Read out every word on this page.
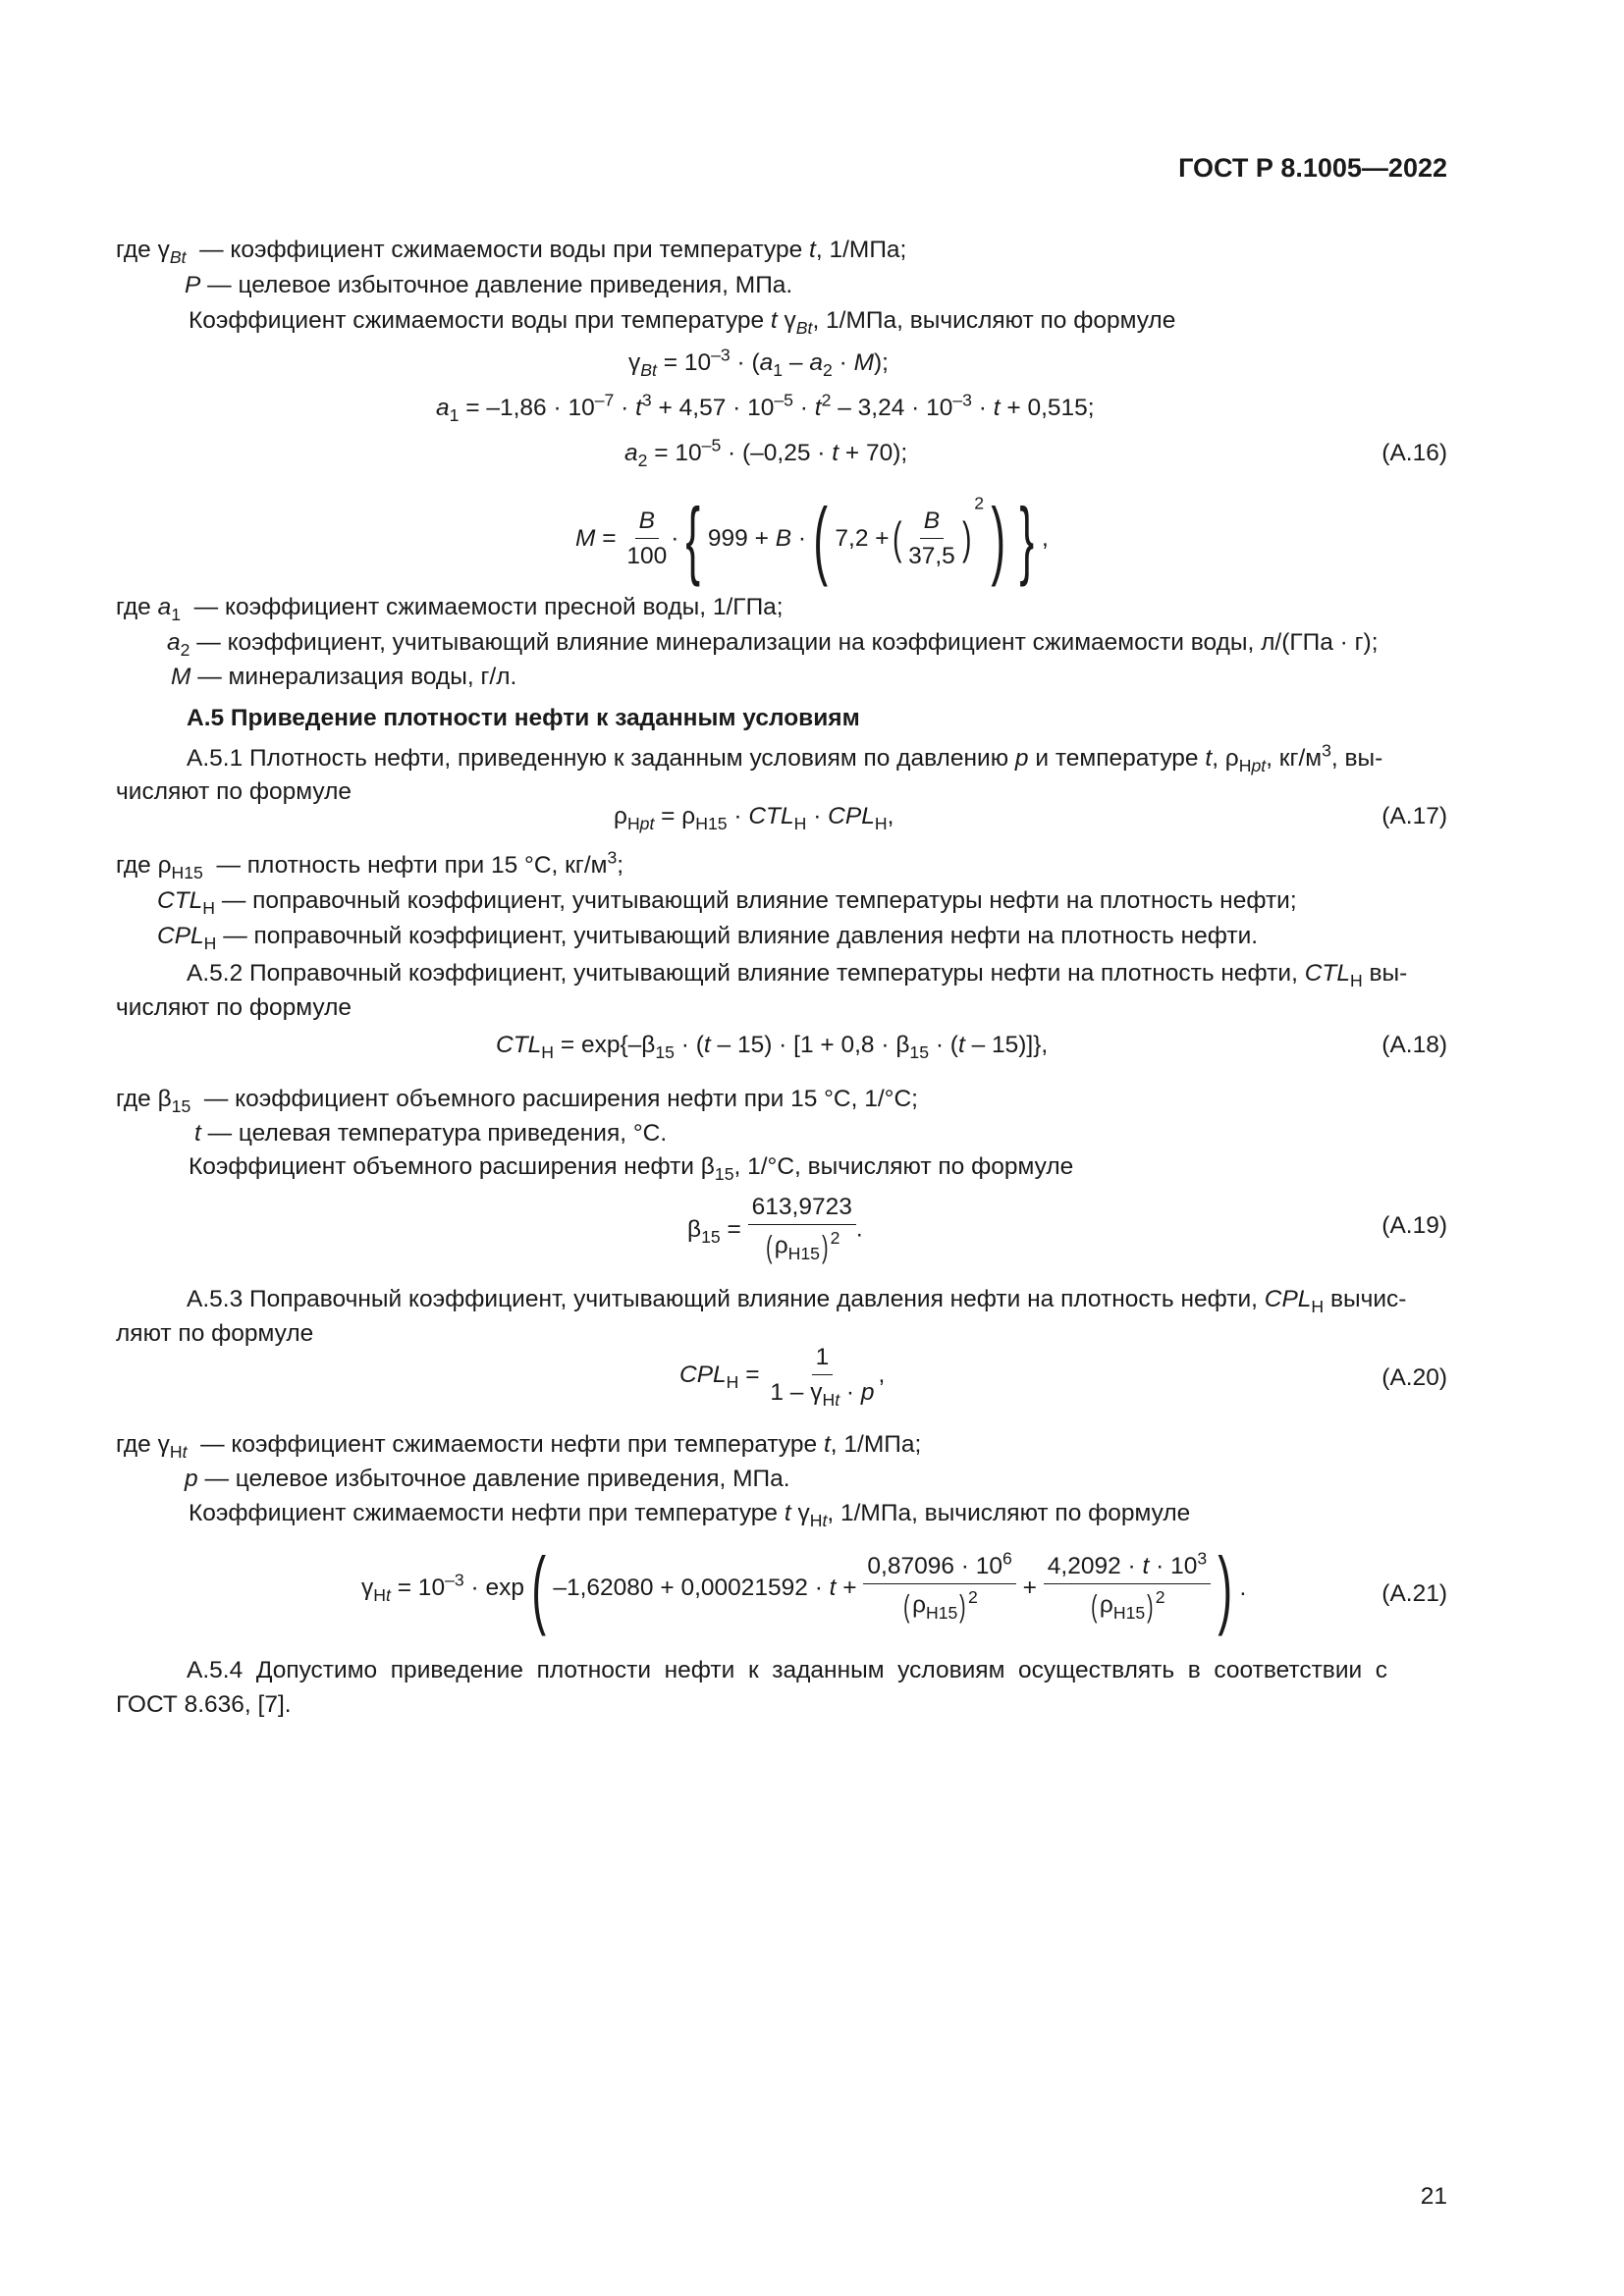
ГОСТ Р 8.1005—2022
где $\gamma_{Вt}$  — коэффициент сжимаемости воды при температуре t, 1/МПа;
P — целевое избыточное давление приведения, МПа.
Коэффициент сжимаемости воды при температуре t $\gamma_{Вt}$, 1/МПа, вычисляют по формуле
$\gamma_{Вt} = 10^{-3} \cdot (a_1 - a_2 \cdot M)$;
$a_1 = -1,86 \cdot 10^{-7} \cdot t^3 + 4,57 \cdot 10^{-5} \cdot t^2 - 3,24 \cdot 10^{-3} \cdot t + 0,515$;
$a_2 = 10^{-5} \cdot (-0,25 \cdot t + 70)$;	(А.16)
$M = \frac{B}{100}$ ·{ 999 + B ·( 7,2 +( $\frac{B}{37,5} )^2$) } ,
где $a_1$  — коэффициент сжимаемости пресной воды, 1/ГПа;
$a_2$ — коэффициент, учитывающий влияние минерализации на коэффициент сжимаемости воды, л/(ГПа · г);
M — минерализация воды, г/л.
А.5 Приведение плотности нефти к заданным условиям
А.5.1 Плотность нефти, приведенную к заданным условиям по давлению p и температуре t, $\rho_{Нpt}$, $кг/м^3$, вы-
числяют по формуле
$\rho_{Нpt} = \rho_{Н15} \cdot CTL_Н \cdot CPL_Н$,	(А.17)
где $\rho_{Н15}$  — плотность нефти при 15 °С, $кг/м^3$;
$CTL_Н$ — поправочный коэффициент, учитывающий влияние температуры нефти на плотность нефти;
$CPL_Н$ — поправочный коэффициент, учитывающий влияние давления нефти на плотность нефти.
А.5.2 Поправочный коэффициент, учитывающий влияние температуры нефти на плотность нефти, $CTL_Н$ вы-
числяют по формуле
$CTL_Н = \exp\{-\beta_{15} \cdot (t - 15) \cdot [1 + 0,8 \cdot \beta_{15} \cdot (t - 15)]\}$,	(А.18)
где $\beta_{15}$  — коэффициент объемного расширения нефти при 15 °С, 1/°С;
t — целевая температура приведения, °С.
Коэффициент объемного расширения нефти $\beta_{15}$, 1/°С, вычисляют по формуле
$\beta_{15} = \frac{613,9723}{(\rho_{Н15}) ^2}$ .	(А.19)
А.5.3 Поправочный коэффициент, учитывающий влияние давления нефти на плотность нефти, $CPL_Н$ вычис-
ляют по формуле
$CPL_Н = \frac{1}{1 - \gamma_{Нt} \cdot p}$ ,	(А.20)
где $\gamma_{Нt}$  — коэффициент сжимаемости нефти при температуре t, 1/МПа;
p — целевое избыточное давление приведения, МПа.
Коэффициент сжимаемости нефти при температуре t $\gamma_{Нt}$, 1/МПа, вычисляют по формуле
$\gamma_{Нt} = 10^{-3} \cdot \exp$( $-1,62080 + 0,00021592 \cdot t + \frac{0,87096 \cdot 10^6}{(\rho_{Н15}) ^2} + \frac{4,2092 \cdot t \cdot 10^3}{(\rho_{Н15}) ^2}$ ) .	(А.21)
А.5.4  Допустимо  приведение  плотности  нефти  к  заданным  условиям  осуществлять  в  соответствии  с
ГОСТ 8.636, [7].
21
